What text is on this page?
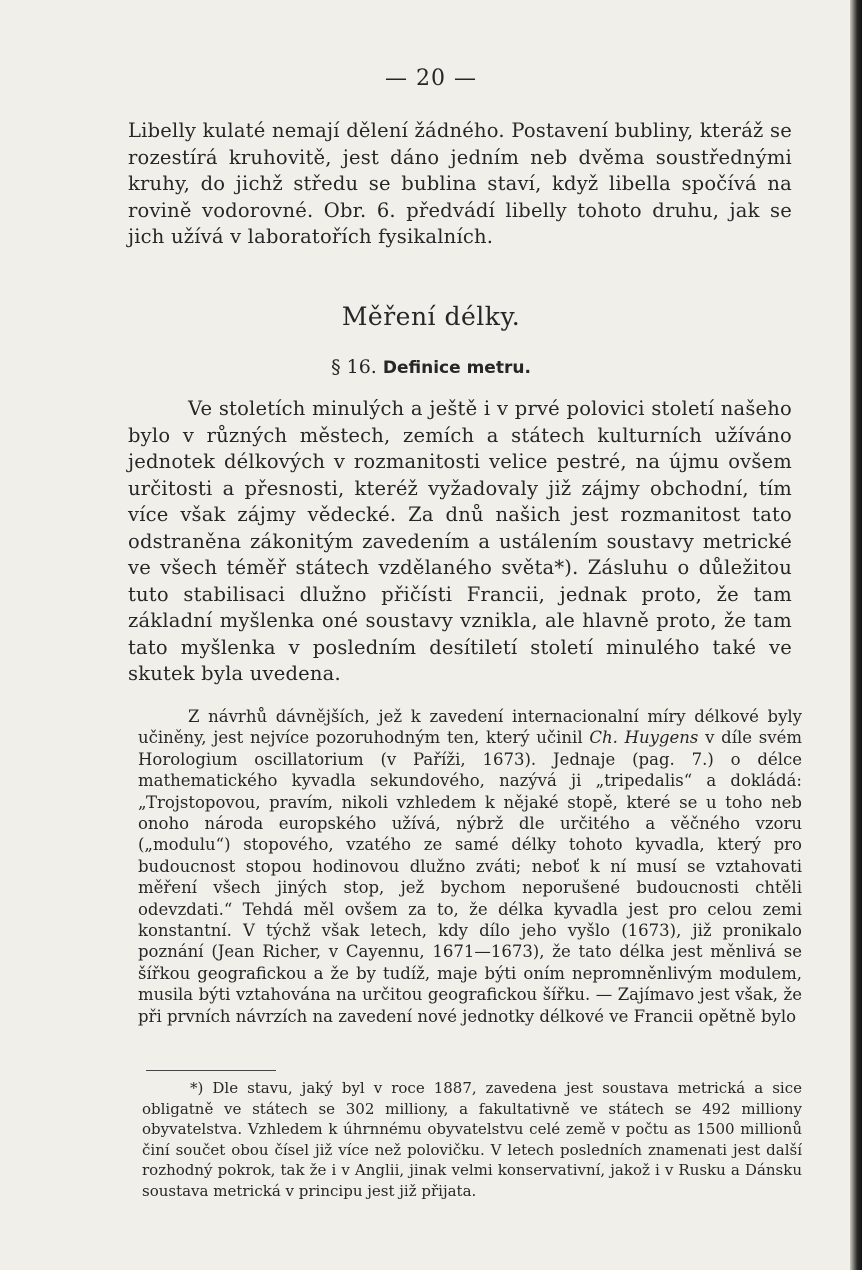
— 20 —
Libelly kulaté nemají dělení žádného. Postavení bubliny, kteráž se rozestírá kruhovitě, jest dáno jedním neb dvěma soustřednými kruhy, do jichž středu se bublina staví, když libella spočívá na rovině vodorovné. Obr. 6. předvádí libelly tohoto druhu, jak se jich užívá v laboratořích fysikalních.
Měření délky.
§ 16. Definice metru.
Ve stoletích minulých a ještě i v prvé polovici století našeho bylo v různých městech, zemích a státech kulturních užíváno jednotek délkových v rozmanitosti velice pestré, na újmu ovšem určitosti a přesnosti, kteréž vyžadovaly již zájmy obchodní, tím více však zájmy vědecké. Za dnů našich jest rozmanitost tato odstraněna zákonitým zavedením a ustálením soustavy metrické ve všech téměř státech vzdělaného světa*). Zásluhu o důležitou tuto stabilisaci dlužno přičísti Francii, jednak proto, že tam základní myšlenka oné soustavy vznikla, ale hlavně proto, že tam tato myšlenka v posledním desítiletí století minulého také ve skutek byla uvedena.
Z návrhů dávnějších, jež k zavedení internacionalní míry délkové byly učiněny, jest nejvíce pozoruhodným ten, který učinil Ch. Huygens v díle svém Horologium oscillatorium (v Paříži, 1673). Jednaje (pag. 7.) o délce mathematického kyvadla sekundového, nazývá ji „tripedalis“ a dokládá: „Trojstopovou, pravím, nikoli vzhledem k nějaké stopě, které se u toho neb onoho národa europského užívá, nýbrž dle určitého a věčného vzoru („modulu“) stopového, vzatého ze samé délky tohoto kyvadla, který pro budoucnost stopou hodinovou dlužno zváti; neboť k ní musí se vztahovati měření všech jiných stop, jež bychom neporušené budoucnosti chtěli odevzdati.“ Tehdá měl ovšem za to, že délka kyvadla jest pro celou zemi konstantní. V týchž však letech, kdy dílo jeho vyšlo (1673), již pronikalo poznání (Jean Richer, v Cayennu, 1671—1673), že tato délka jest měnlivá se šířkou geografickou a že by tudíž, maje býti oním nepromněnlivým modulem, musila býti vztahována na určitou geografickou šířku. — Zajímavo jest však, že při prvních návrzích na zavedení nové jednotky délkové ve Francii opětně bylo
*) Dle stavu, jaký byl v roce 1887, zavedena jest soustava metrická a sice obligatně ve státech se 302 milliony, a fakultativně ve státech se 492 milliony obyvatelstva. Vzhledem k úhrnnému obyvatelstvu celé země v počtu as 1500 millionů činí součet obou čísel již více než polovičku. V letech posledních znamenati jest další rozhodný pokrok, tak že i v Anglii, jinak velmi konservativní, jakož i v Rusku a Dánsku soustava metrická v principu jest již přijata.
